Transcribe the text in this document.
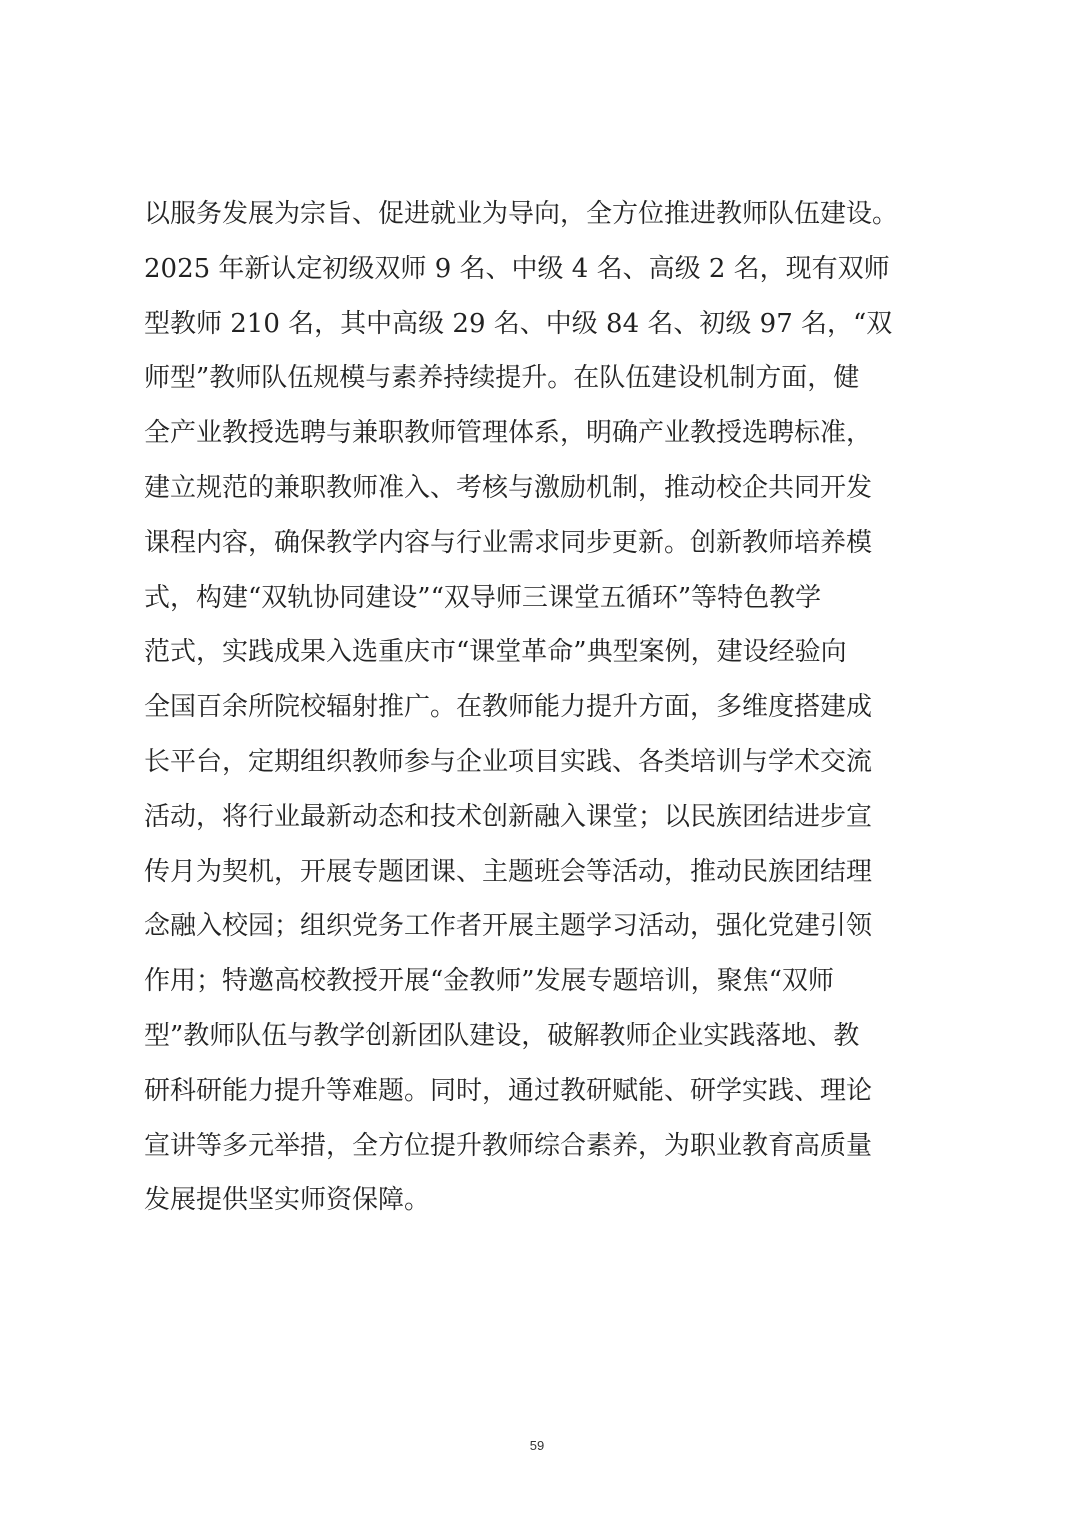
以服务发展为宗旨、促进就业为导向，全方位推进教师队伍建设。
2025 年新认定初级双师 9 名、中级 4 名、高级 2 名，现有双师
型教师 210 名，其中高级 29 名、中级 84 名、初级 97 名，“双
师型”教师队伍规模与素养持续提升。在队伍建设机制方面，健
全产业教授选聘与兼职教师管理体系，明确产业教授选聘标准，
建立规范的兼职教师准入、考核与激励机制，推动校企共同开发
课程内容，确保教学内容与行业需求同步更新。创新教师培养模
式，构建“双轨协同建设”“双导师三课堂五循环”等特色教学
范式，实践成果入选重庆市“课堂革命”典型案例，建设经验向
全国百余所院校辐射推广。在教师能力提升方面，多维度搭建成
长平台，定期组织教师参与企业项目实践、各类培训与学术交流
活动，将行业最新动态和技术创新融入课堂；以民族团结进步宣
传月为契机，开展专题团课、主题班会等活动，推动民族团结理
念融入校园；组织党务工作者开展主题学习活动，强化党建引领
作用；特邀高校教授开展“金教师”发展专题培训，聚焦“双师
型”教师队伍与教学创新团队建设，破解教师企业实践落地、教
研科研能力提升等难题。同时，通过教研赋能、研学实践、理论
宣讲等多元举措，全方位提升教师综合素养，为职业教育高质量
发展提供坚实师资保障。
59
